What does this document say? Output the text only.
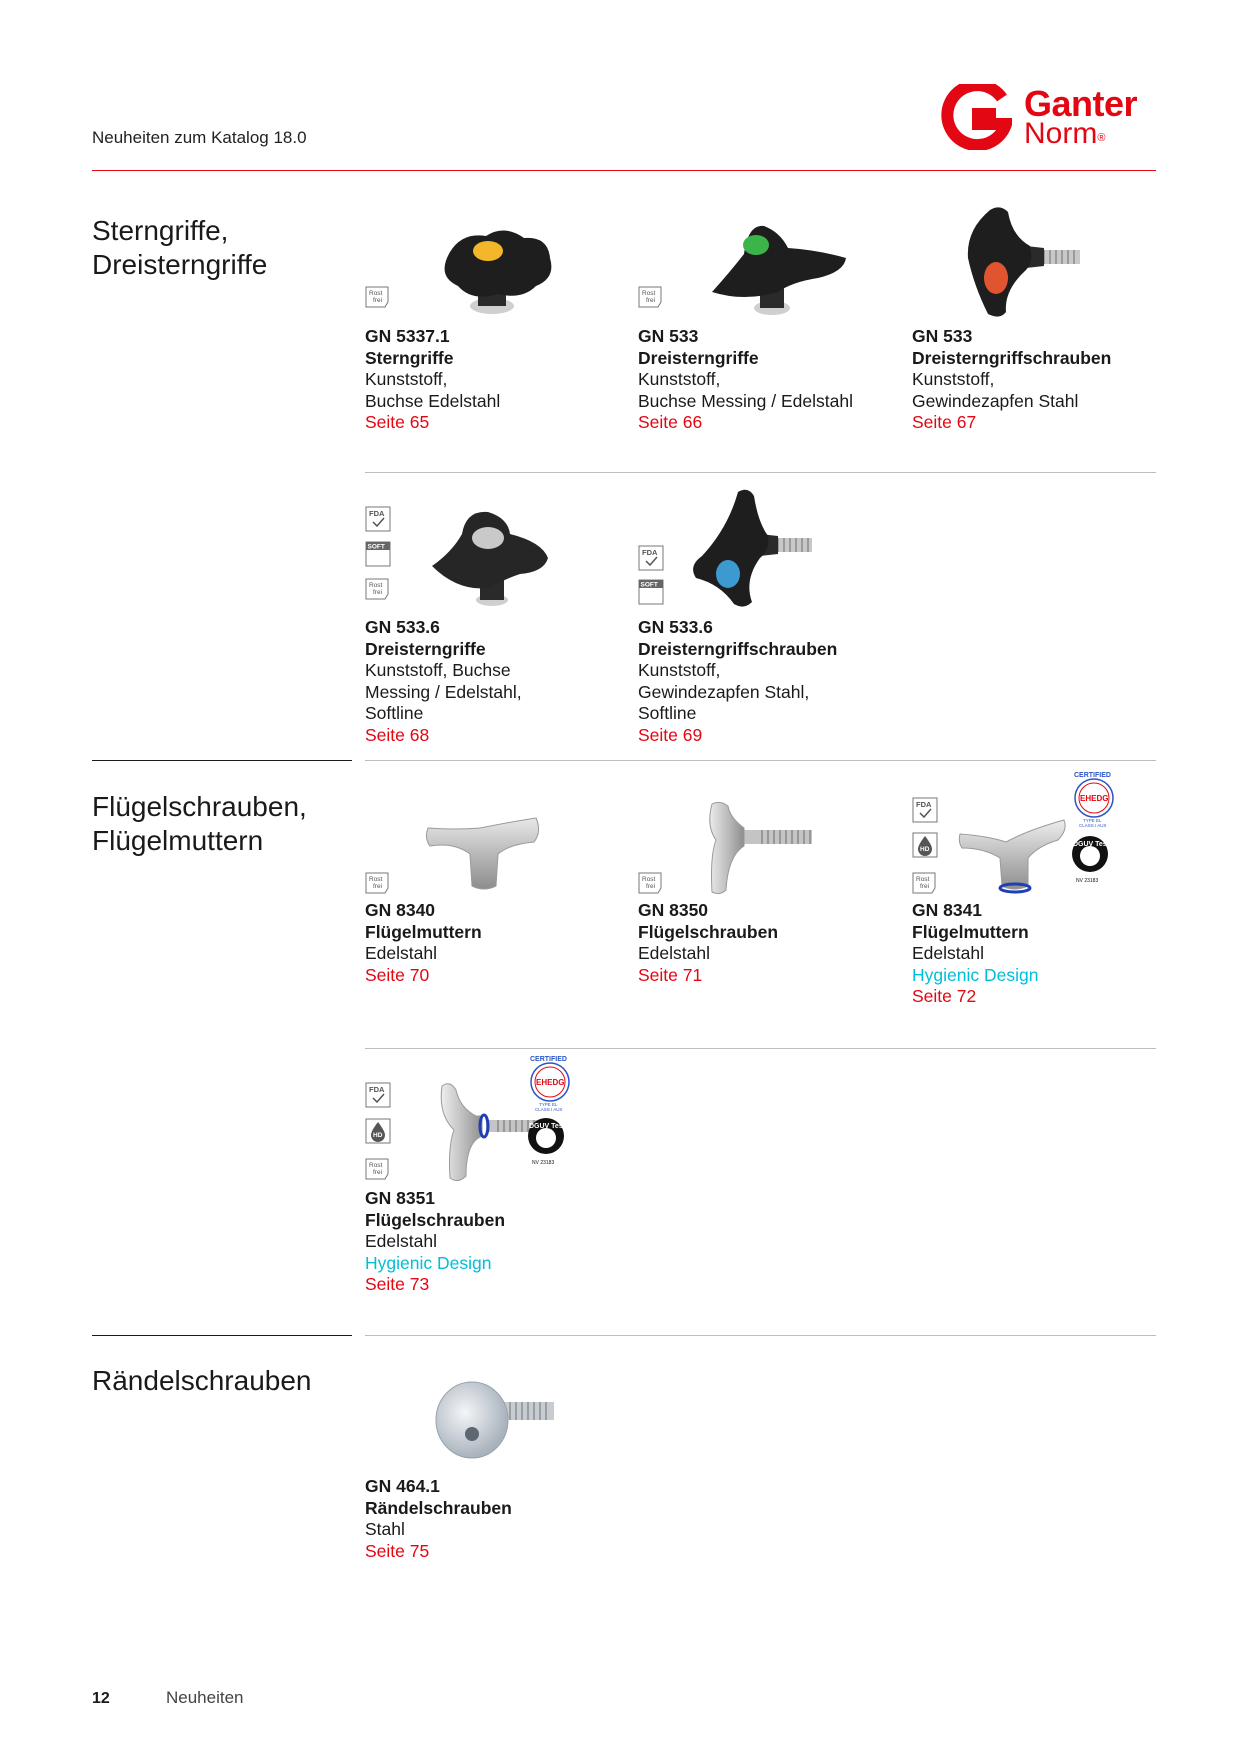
Neuheiten zum Katalog 18.0
Ganter
Norm®
Sterngriffe,
Dreisterngriffe
Rost
frei
GN 5337.1
Sterngriffe
Kunststoff,
Buchse Edelstahl
Seite 65
Rost
frei
GN 533
Dreisterngriffe
Kunststoff,
Buchse Messing / Edelstahl
Seite 66
GN 533
Dreisterngriffschrauben
Kunststoff,
Gewindezapfen Stahl
Seite 67
FDA
SOFT
Rost
frei
GN 533.6
Dreisterngriffe
Kunststoff, Buchse
Messing / Edelstahl,
Softline
Seite 68
FDA
SOFT
GN 533.6
Dreisterngriffschrauben
Kunststoff,
Gewindezapfen Stahl,
Softline
Seite 69
Flügelschrauben,
Flügelmuttern
Rost
frei
GN 8340
Flügelmuttern
Edelstahl
Seite 70
Rost
frei
GN 8350
Flügelschrauben
Edelstahl
Seite 71
FDA
HD
Rost
frei
CERTIFIED
EHEDG
TYPE EL
CLASS I AUX
DGUV Test
NV 23183
GN 8341
Flügelmuttern
Edelstahl
Hygienic Design
Seite 72
FDA
HD
Rost
frei
CERTIFIED
EHEDG
TYPE EL
CLASS I AUX
DGUV Test
NV 23183
GN 8351
Flügelschrauben
Edelstahl
Hygienic Design
Seite 73
Rändelschrauben
GN 464.1
Rändelschrauben
Stahl
Seite 75
12	Neuheiten
